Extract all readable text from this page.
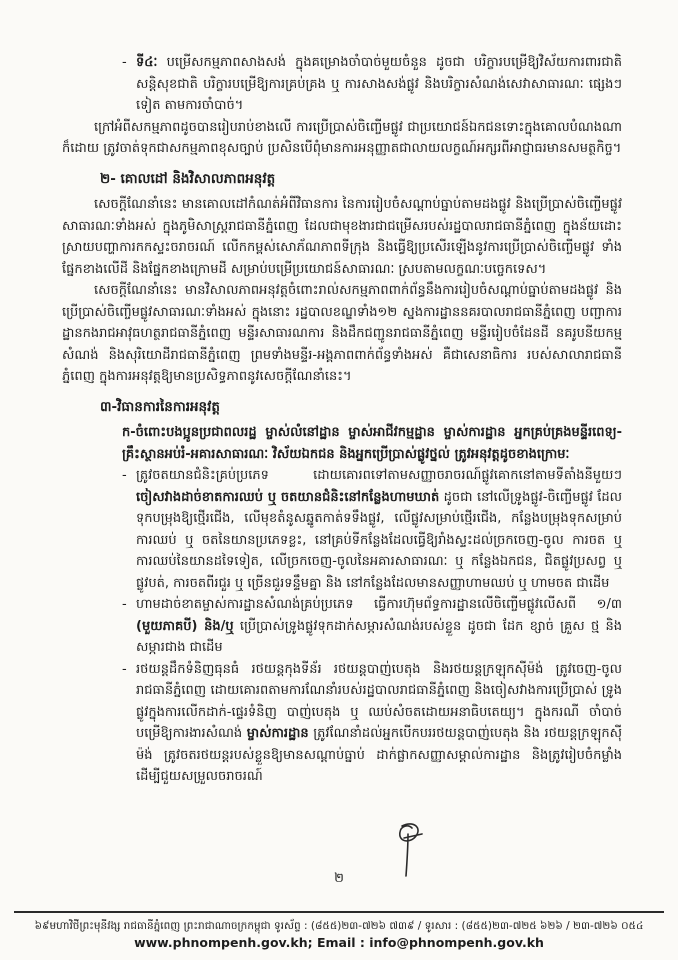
- ទី៤ៈ បម្រើសកម្មភាពសាងសង់ ក្នុងគម្រោងចាំបាច់មួយចំនួន ដូចជា បរិក្ខារបម្រើឱ្យវិស័យការពារជាតិ សន្តិសុខជាតិ បរិក្ខារបម្រើឱ្យការគ្រប់គ្រង ឬ ការសាងសង់ផ្លូវ និងបរិក្ខារសំណង់សេវាសាធារណៈ ផ្សេងៗទៀត តាមការចាំបាច់។

ក្រៅអំពីសកម្មភាពដូចបានរៀបរាប់ខាងលើ ការប្រើប្រាស់ចិញ្ចើមផ្លូវ ជាប្រយោជន៍ឯកជនទោះក្នុងគោលបំណងណាក៏ដោយ ត្រូវចាត់ទុកជាសកម្មភាពខុសច្បាប់ ប្រសិនបើពុំមានការអនុញ្ញាតជាលាយលក្ខណ៍អក្សរពីអាជ្ញាធរមានសមត្ថកិច្ច។

២- គោលដៅ និងវិសាលភាពអនុវត្ត

សេចក្តីណែនាំនេះ មានគោលដៅកំណត់អំពីវិធានការ នៃការរៀបចំសណ្តាប់ធ្នាប់តាមដងផ្លូវ និងប្រើប្រាស់ចិញ្ចើមផ្លូវសាធារណៈទាំងអស់ ក្នុងភូមិសាស្ត្ររាជធានីភ្នំពេញ ដែលជាមុខងារជាជម្រើសរបស់រដ្ឋបាលរាជធានីភ្នំពេញ ក្នុងន័យដោះស្រាយបញ្ហាការកកស្ទះចរាចរណ៍ លើកកម្ពស់សោភ័ណភាពទីក្រុង និងធ្វើឱ្យប្រសើរឡើងនូវការប្រើប្រាស់ចិញ្ចើមផ្លូវ ទាំងផ្នែកខាងលើដី និងផ្នែកខាងក្រោមដី សម្រាប់បម្រើប្រយោជន៍សាធារណៈ ស្របតាមលក្ខណៈបច្ចេកទេស។

សេចក្តីណែនាំនេះ មានវិសាលភាពអនុវត្តចំពោះរាល់សកម្មភាពពាក់ព័ន្ធនឹងការរៀបចំសណ្តាប់ធ្នាប់តាមដងផ្លូវ និងប្រើប្រាស់ចិញ្ចើមផ្លូវសាធារណៈទាំងអស់ ក្នុងនោះ រដ្ឋបាលខណ្ឌទាំង១២ ស្នងការដ្ឋាននគរបាលរាជធានីភ្នំពេញ បញ្ជាការដ្ឋានកងរាជអាវុធហត្ថរាជធានីភ្នំពេញ មន្ទីរសាធារណការ និងដឹកជញ្ជូនរាជធានីភ្នំពេញ មន្ទីររៀបចំដែនដី នគរូបនីយកម្ម សំណង់ និងសុរិយោដីរាជធានីភ្នំពេញ ព្រមទាំងមន្ទីរ-អង្គភាពពាក់ព័ន្ធទាំងអស់ គឺជាសេនាធិការ របស់សាលារាជធានីភ្នំពេញ ក្នុងការអនុវត្តឱ្យមានប្រសិទ្ធភាពនូវសេចក្តីណែនាំនេះ។

៣-វិធានការនៃការអនុវត្ត
ក-ចំពោះបងប្អូនប្រជាពលរដ្ឋ ម្ចាស់លំនៅដ្ឋាន ម្ចាស់អាជីវកម្មដ្ឋាន ម្ចាស់ការដ្ឋាន អ្នកគ្រប់គ្រងមន្ទីរពេទ្យ-គ្រឹះស្ថានអប់រំ-អគារសាធារណៈ វិស័យឯកជន និងអ្នកប្រើប្រាស់ផ្លូវថ្នល់ ត្រូវអនុវត្តដូចខាងក្រោមៈ
- ត្រូវចតយានជំនិះគ្រប់ប្រភេទ ដោយគោរពទៅតាមសញ្ញាចរាចរណ៍ផ្លូវគោកនៅតាមទីតាំងនីមួយៗ ចៀសវាងដាច់ខាតការឈប់ ឬ ចតយានជំនិះនៅកន្លែងហាមឃាត់ ដូចជា នៅលើទ្រូងផ្លូវ-ចិញ្ចើមផ្លូវ ដែលទុកបម្រុងឱ្យថ្មើរជើង, លើមុខតំនូសឆ្នូតកាត់ទទឹងផ្លូវ, លើផ្លូវសម្រាប់ថ្មើរជើង, កន្លែងបម្រុងទុកសម្រាប់ការឈប់ ឬ ចតនៃយានប្រភេទខ្លះ, នៅគ្រប់ទីកន្លែងដែលធ្វើឱ្យរាំងស្ទះដល់ច្រកចេញ-ចូល ការចត ឬ ការឈប់នៃយានដទៃទៀត, លើច្រកចេញ-ចូលនៃអគារសាធារណៈ ឬ កន្លែងឯកជន, ជិតផ្លូវប្រសព្វ ឬ ផ្លូវបត់, ការចតពីរជួរ ឬ ច្រើនជួរទន្ទឹមគ្នា និង នៅកន្លែងដែលមានសញ្ញាហាមឈប់ ឬ ហាមចត ជាដើម
- ហាមដាច់ខាតម្ចាស់ការដ្ឋានសំណង់គ្រប់ប្រភេទ ធ្វើការហ៊ុមព័ទ្ធការដ្ឋានលើចិញ្ចើមផ្លូវលើសពី ១/៣ (មួយភាគបី) និង/ឬ ប្រើប្រាស់ទ្រូងផ្លូវទុកដាក់សម្ភារសំណង់របស់ខ្លួន ដូចជា ដែក ខ្សាច់ គ្រួស ថ្ម និង សម្ភារជាង ជាដើម
- រថយន្តដឹកទំនិញធុនធំ រថយន្តកុងទីន័រ រថយន្តបាញ់បេតុង និងរថយន្តក្រឡុកស៊ីម៉ង់ ត្រូវចេញ-ចូល រាជធានីភ្នំពេញ ដោយគោរពតាមការណែនាំរបស់រដ្ឋបាលរាជធានីភ្នំពេញ និងចៀសវាងការប្រើប្រាស់ ទ្រូងផ្លូវក្នុងការលើកដាក់-ផ្ទេរទំនិញ បាញ់បេតុង ឬ ឈប់សំចតដោយអនាធិបតេយ្យ។ ក្នុងករណី ចាំបាច់បម្រើឱ្យការងារសំណង់ ម្ចាស់ការដ្ឋាន ត្រូវណែនាំដល់អ្នកបើកបររថយន្តបាញ់បេតុង និង រថយន្តក្រឡុកស៊ីម៉ង់ ត្រូវចតរថយន្តរបស់ខ្លួនឱ្យមានសណ្តាប់ធ្នាប់ ដាក់ផ្លាកសញ្ញាសម្គាល់ការដ្ឋាន និងត្រូវរៀបចំកម្លាំងដើម្បីជួយសម្រួលចរាចរណ៍
២
៦៩មហាវិថីព្រះមុនីវង្ស រាជធានីភ្នំពេញ ព្រះរាជាណាចក្រកម្ពុជា ទូរស័ព្ទ : (៨៥៥)២៣-៧២៦ ៧៣៩ / ទូរសារ : (៨៥៥)២៣-៧២៥ ៦២៦ / ២៣-៧២៦ ០៥៤
www.phnompenh.gov.kh; Email : info@phnompenh.gov.kh
